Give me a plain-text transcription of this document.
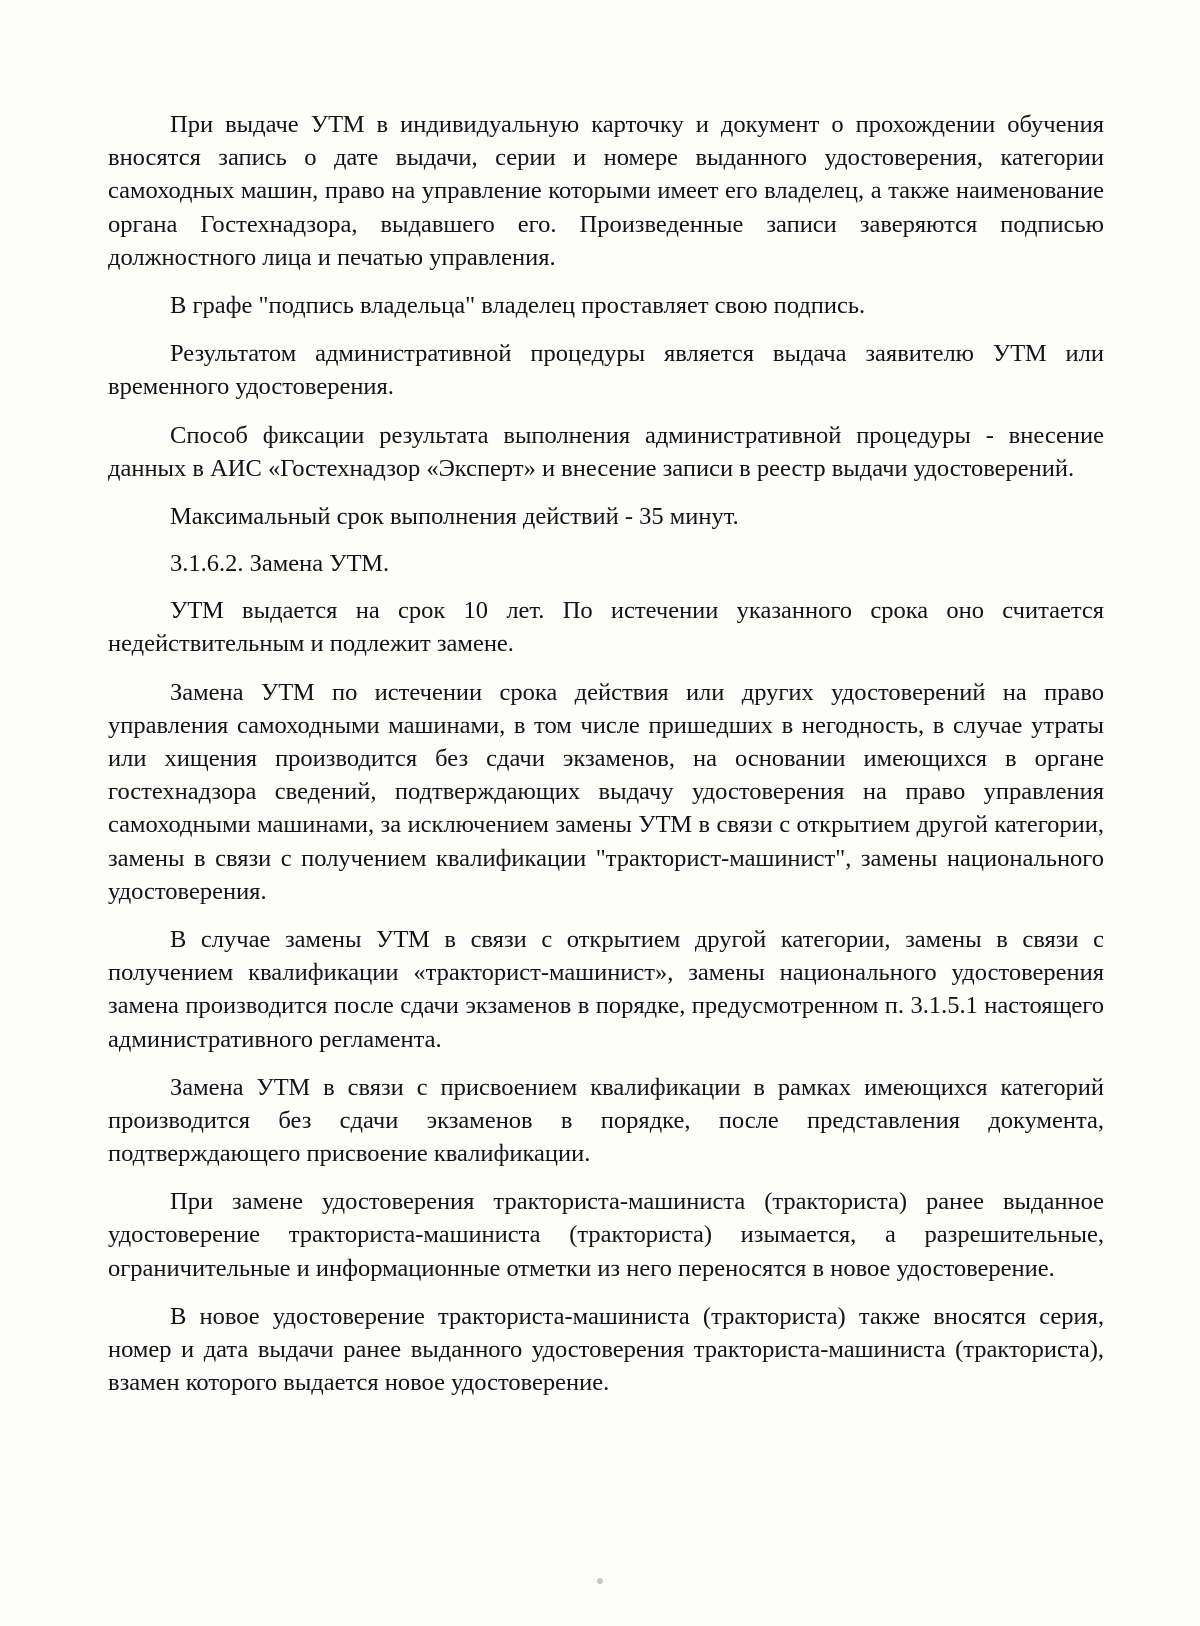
При выдаче УТМ в индивидуальную карточку и документ о прохождении обучения вносятся запись о дате выдачи, серии и номере выданного удостоверения, категории самоходных машин, право на управление которыми имеет его владелец, а также наименование органа Гостехнадзора, выдавшего его. Произведенные записи заверяются подписью должностного лица и печатью управления.

В графе "подпись владельца" владелец проставляет свою подпись.

Результатом административной процедуры является выдача заявителю УТМ или временного удостоверения.

Способ фиксации результата выполнения административной процедуры - внесение данных в АИС «Гостехнадзор «Эксперт» и внесение записи в реестр выдачи удостоверений.

Максимальный срок выполнения действий - 35 минут.

3.1.6.2. Замена УТМ.

УТМ выдается на срок 10 лет. По истечении указанного срока оно считается недействительным и подлежит замене.

Замена УТМ по истечении срока действия или других удостоверений на право управления самоходными машинами, в том числе пришедших в негодность, в случае утраты или хищения производится без сдачи экзаменов, на основании имеющихся в органе гостехнадзора сведений, подтверждающих выдачу удостоверения на право управления самоходными машинами, за исключением замены УТМ в связи с открытием другой категории, замены в связи с получением квалификации "тракторист-машинист", замены национального удостоверения.

В случае замены УТМ в связи с открытием другой категории, замены в связи с получением квалификации «тракторист-машинист», замены национального удостоверения замена производится после сдачи экзаменов в порядке, предусмотренном п. 3.1.5.1 настоящего административного регламента.

Замена УТМ в связи с присвоением квалификации в рамках имеющихся категорий производится без сдачи экзаменов в порядке, после представления документа, подтверждающего присвоение квалификации.

При замене удостоверения тракториста-машиниста (тракториста) ранее выданное удостоверение тракториста-машиниста (тракториста) изымается, а разрешительные, ограничительные и информационные отметки из него переносятся в новое удостоверение.

В новое удостоверение тракториста-машиниста (тракториста) также вносятся серия, номер и дата выдачи ранее выданного удостоверения тракториста-машиниста (тракториста), взамен которого выдается новое удостоверение.
